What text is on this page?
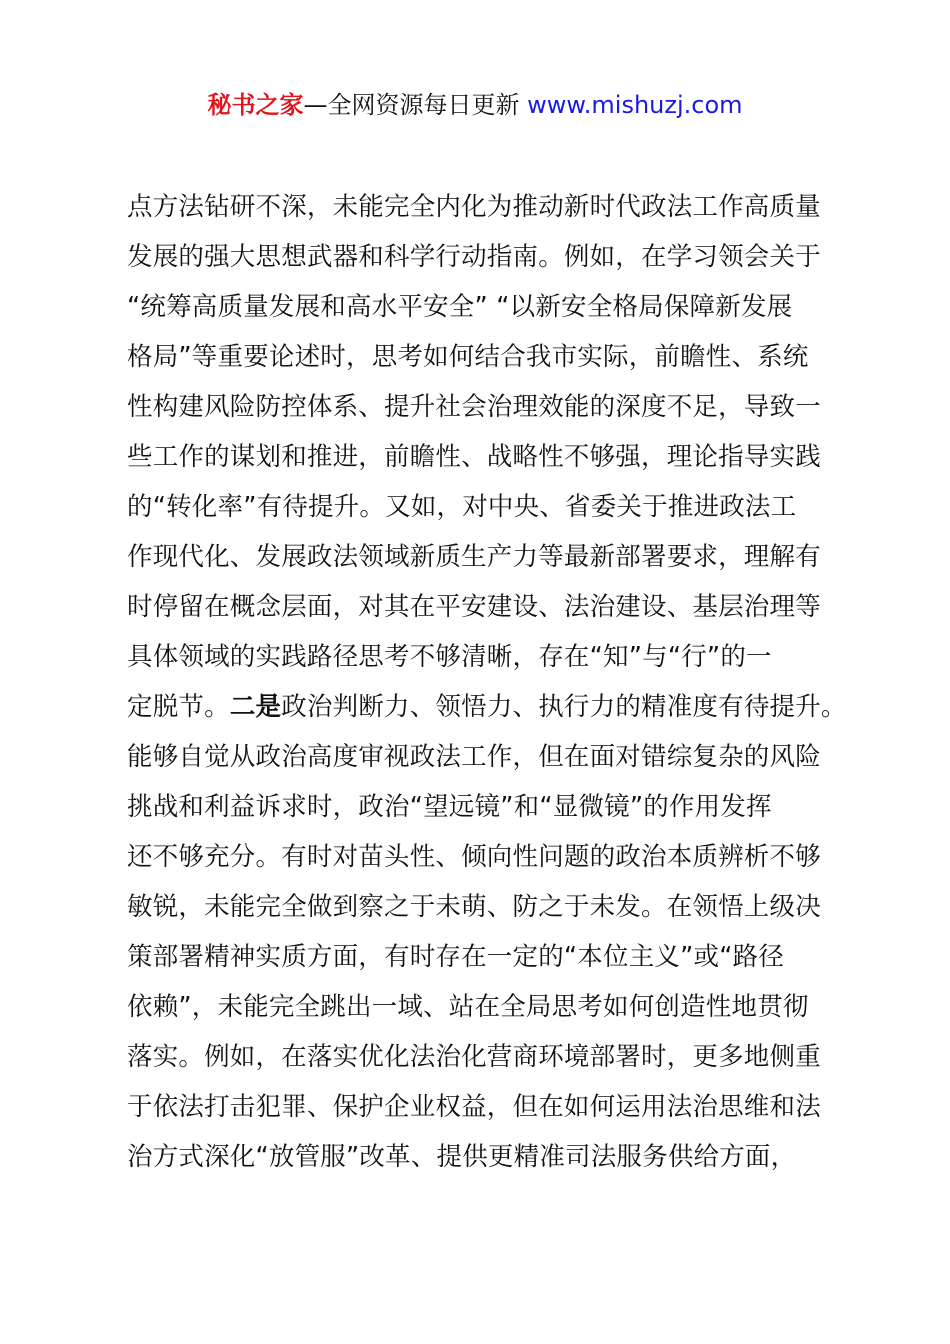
秘书之家—全网资源每日更新 www.mishuzj.com
点方法钻研不深，未能完全内化为推动新时代政法工作高质量
发展的强大思想武器和科学行动指南。例如，在学习领会关于
“统筹高质量发展和高水平安全” “以新安全格局保障新发展
格局”等重要论述时，思考如何结合我市实际，前瞻性、系统
性构建风险防控体系、提升社会治理效能的深度不足，导致一
些工作的谋划和推进，前瞻性、战略性不够强，理论指导实践
的“转化率”有待提升。又如，对中央、省委关于推进政法工
作现代化、发展政法领域新质生产力等最新部署要求，理解有
时停留在概念层面，对其在平安建设、法治建设、基层治理等
具体领域的实践路径思考不够清晰，存在“知”与“行”的一
定脱节。二是政治判断力、领悟力、执行力的精准度有待提升。
能够自觉从政治高度审视政法工作，但在面对错综复杂的风险
挑战和利益诉求时，政治“望远镜”和“显微镜”的作用发挥
还不够充分。有时对苗头性、倾向性问题的政治本质辨析不够
敏锐，未能完全做到察之于未萌、防之于未发。在领悟上级决
策部署精神实质方面，有时存在一定的“本位主义”或“路径
依赖”，未能完全跳出一域、站在全局思考如何创造性地贯彻
落实。例如，在落实优化法治化营商环境部署时，更多地侧重
于依法打击犯罪、保护企业权益，但在如何运用法治思维和法
治方式深化“放管服”改革、提供更精准司法服务供给方面，
